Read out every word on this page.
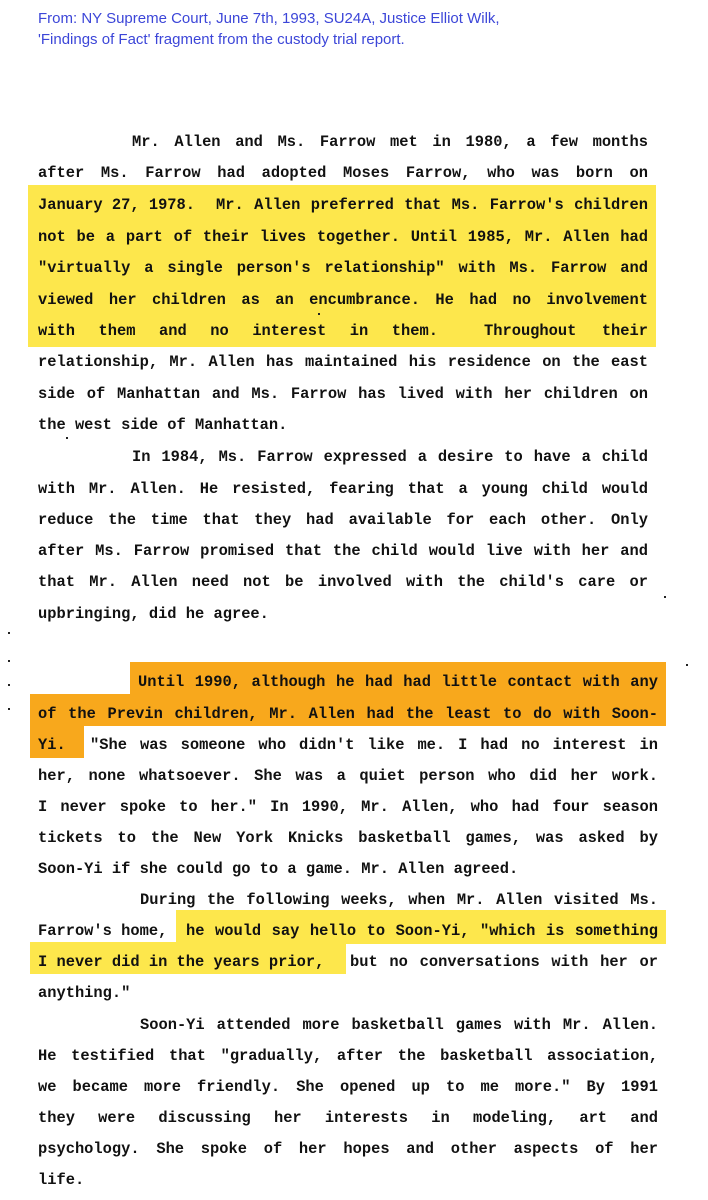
From: NY Supreme Court, June 7th, 1993, SU24A, Justice Elliot Wilk,
'Findings of Fact' fragment from the custody trial report.
Mr. Allen and Ms. Farrow met in 1980, a few months
after Ms. Farrow had adopted Moses Farrow, who was born on
January 27, 1978.	Mr. Allen preferred that Ms. Farrow's children
not be a part of their lives together. Until 1985, Mr. Allen had
"virtually a single person's relationship" with Ms. Farrow and
viewed her children as an encumbrance. He had no involvement
with them and no interest in them.	Throughout their
relationship, Mr. Allen has maintained his residence on the east
side of Manhattan and Ms. Farrow has lived with her children on
the west side of Manhattan.
In 1984, Ms. Farrow expressed a desire to have a child
with Mr. Allen. He resisted, fearing that a young child would
reduce the time that they had available for each other. Only
after Ms. Farrow promised that the child would live with her and
that Mr. Allen need not be involved with the child's care or
upbringing, did he agree.
Until 1990, although he had had little contact with any
of the Previn children, Mr. Allen had the least to do with Soon-
Yi.	"She was someone who didn't like me. I had no interest in
her, none whatsoever. She was a quiet person who did her work.
I never spoke to her." In 1990, Mr. Allen, who had four season
tickets to the New York Knicks basketball games, was asked by
Soon-Yi if she could go to a game. Mr. Allen agreed.
During the following weeks, when Mr. Allen visited Ms.
Farrow's home,	he would say hello to Soon-Yi, "which is something
I never did in the years prior,	but no conversations with her or
anything."
Soon-Yi attended more basketball games with Mr. Allen.
He testified that "gradually, after the basketball association,
we became more friendly. She opened up to me more." By 1991
they were discussing her interests in modeling, art and
psychology. She spoke of her hopes and other aspects of her
life.
